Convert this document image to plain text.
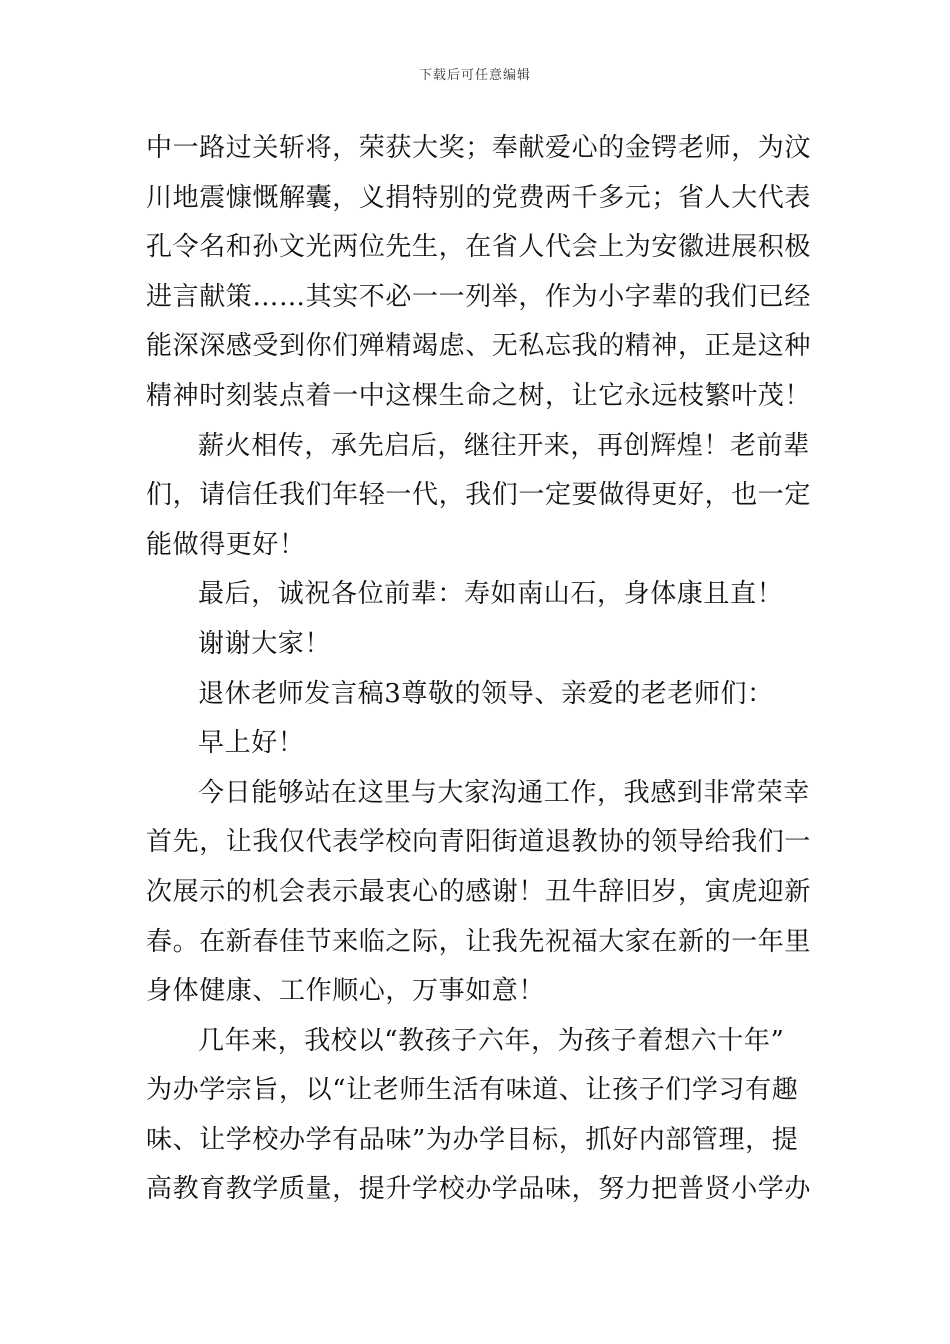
下载后可任意编辑
中一路过关斩将，荣获大奖；奉献爱心的金锷老师，为汶
川地震慷慨解囊，义捐特别的党费两千多元；省人大代表
孔令名和孙文光两位先生，在省人代会上为安徽进展积极
进言献策……其实不必一一列举，作为小字辈的我们已经
能深深感受到你们殚精竭虑、无私忘我的精神，正是这种
精神时刻装点着一中这棵生命之树，让它永远枝繁叶茂！
薪火相传，承先启后，继往开来，再创辉煌！老前辈
们，请信任我们年轻一代，我们一定要做得更好，也一定
能做得更好！
最后，诚祝各位前辈：寿如南山石，身体康且直！
谢谢大家！
退休老师发言稿3尊敬的领导、亲爱的老老师们：
早上好！
今日能够站在这里与大家沟通工作，我感到非常荣幸
首先，让我仅代表学校向青阳街道退教协的领导给我们一
次展示的机会表示最衷心的感谢！丑牛辞旧岁，寅虎迎新
春。在新春佳节来临之际，让我先祝福大家在新的一年里
身体健康、工作顺心，万事如意！
几年来，我校以“教孩子六年，为孩子着想六十年”
为办学宗旨，以“让老师生活有味道、让孩子们学习有趣
味、让学校办学有品味”为办学目标，抓好内部管理，提
高教育教学质量，提升学校办学品味，努力把普贤小学办
